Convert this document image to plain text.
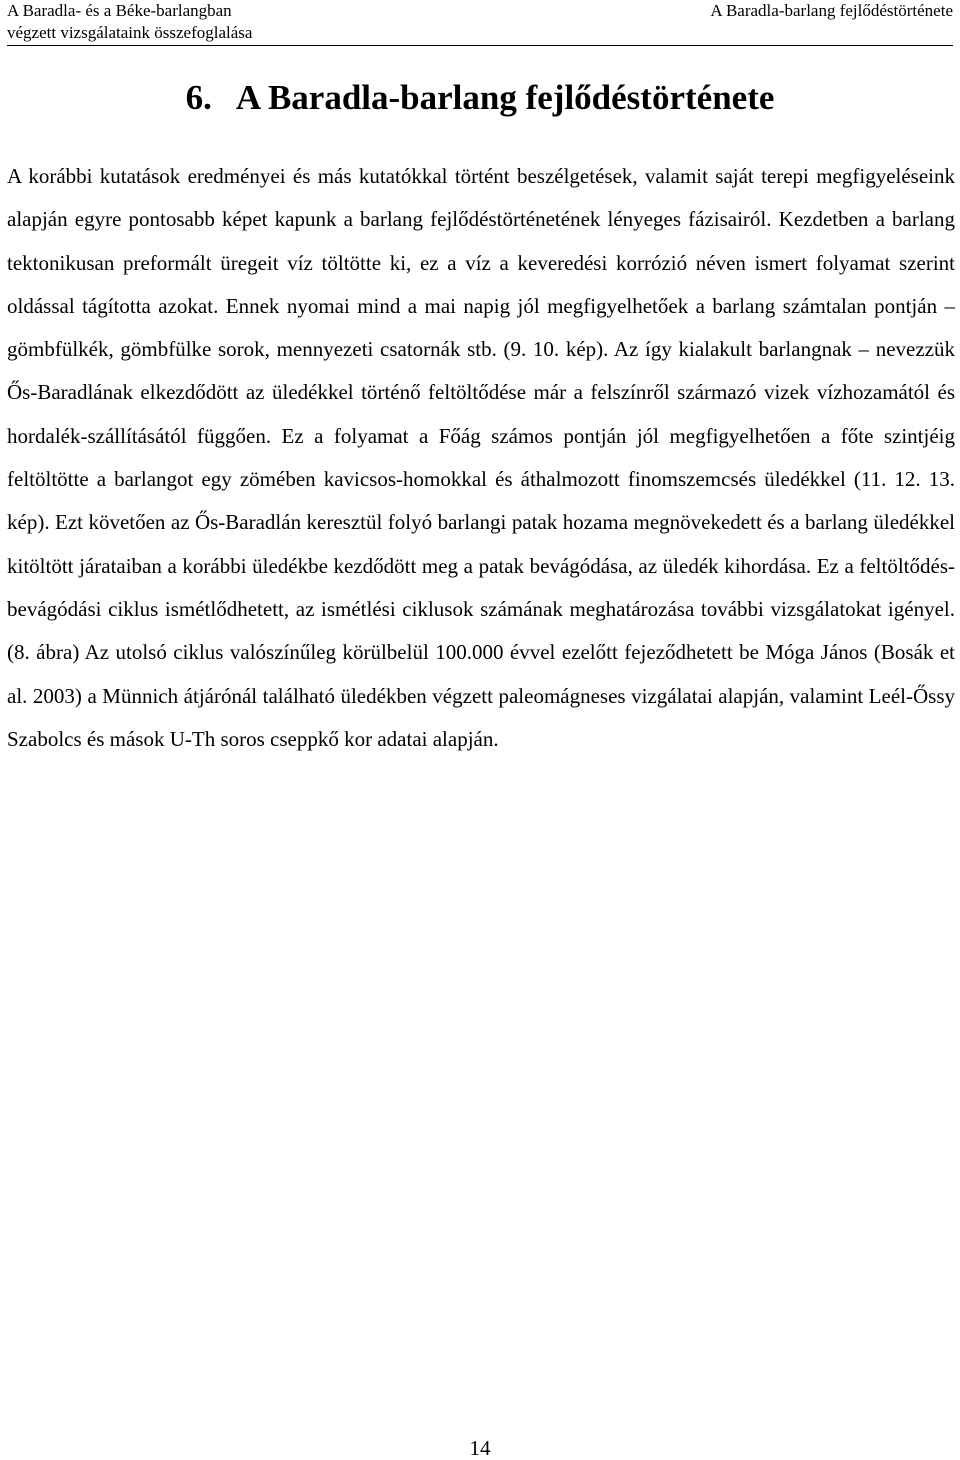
A Baradla- és a Béke-barlangban
végzett vizsgálataink összefoglalása
A Baradla-barlang fejlődéstörténete
6. A Baradla-barlang fejlődéstörténete

A korábbi kutatások eredményei és más kutatókkal történt beszélgetések, valamit saját terepi megfigyeléseink alapján egyre pontosabb képet kapunk a barlang fejlődéstörténetének lényeges fázisairól. Kezdetben a barlang tektonikusan preformált üregeit víz töltötte ki, ez a víz a keveredési korrózió néven ismert folyamat szerint oldással tágította azokat. Ennek nyomai mind a mai napig jól megfigyelhetőek a barlang számtalan pontján – gömbfülkék, gömbfülke sorok, mennyezeti csatornák stb. (9. 10. kép). Az így kialakult barlangnak – nevezzük Ős-Baradlának elkezdődött az üledékkel történő feltöltődése már a felszínről származó vizek vízhozamától és hordalék-szállításától függően. Ez a folyamat a Főág számos pontján jól megfigyelhetően a főte szintjéig feltöltötte a barlangot egy zömében kavicsos-homokkal és áthalmozott finomszemcsés üledékkel (11. 12. 13. kép). Ezt követően az Ős-Baradlán keresztül folyó barlangi patak hozama megnövekedett és a barlang üledékkel kitöltött járataiban a korábbi üledékbe kezdődött meg a patak bevágódása, az üledék kihordása. Ez a feltöltődés-bevágódási ciklus ismétlődhetett, az ismétlési ciklusok számának meghatározása további vizsgálatokat igényel. (8. ábra) Az utolsó ciklus valószínűleg körülbelül 100.000 évvel ezelőtt fejeződhetett be Móga János (Bosák et al. 2003) a Münnich átjárónál található üledékben végzett paleomágneses vizgálatai alapján, valamint Leél-Őssy Szabolcs és mások U-Th soros cseppkő kor adatai alapján.

14
